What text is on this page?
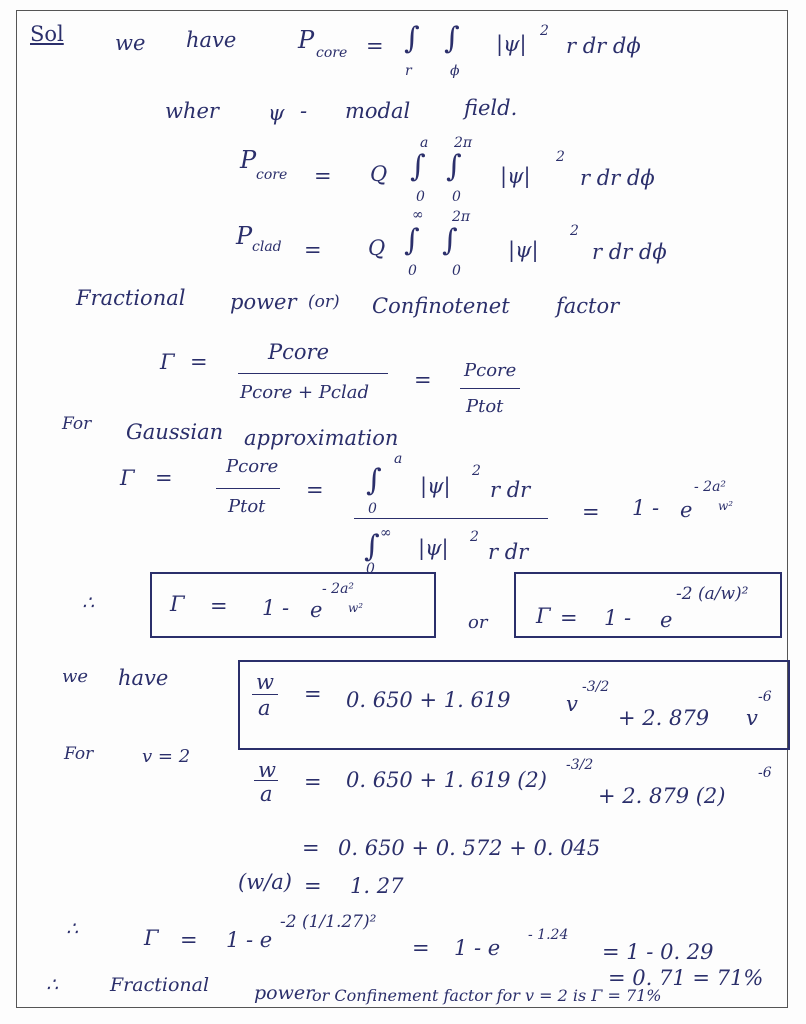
Sol we have	P core = ∫ ∫
r	ϕ
|ψ|
2
r dr dϕ
wher ψ - modal	field.
P
core = Q
a 2π
∫ ∫
0 0
|ψ|
2
r dr dϕ
P clad = Q
∞ 2π
∫ ∫
0	0
|ψ|
2
r dr dϕ
Fractional power (or) Confinotenet factor
Γ =	Pcore
Pcore + Pclad
= Pcore
Ptot
For Gaussian approximation
Γ =	Pcore
Ptot
=
a
∫
0
|ψ|
2
r dr
∞
∫
0
|ψ| 2
r dr
= 1 - e
- 2a²
w²
∴	Γ = 1 - e
- 2a²
w²
or Γ = 1 - e
-2 (a/w)²
we have	w
a
= 0. 650 + 1. 619	v
-3/2
+ 2. 879 v
-6
For	v = 2
w
a = 0. 650 + 1. 619 (2)
-3/2
+ 2. 879 (2)
-6
= 0. 650 + 0. 572 + 0. 045
(w/a) = 1. 27
∴	Γ = 1 - e
-2 (1/1.27)²
= 1 - e
- 1.24
= 1 - 0. 29
= 0. 71 = 71%
∴	Fractional power
or Confinement factor for v = 2 is Γ = 71%
